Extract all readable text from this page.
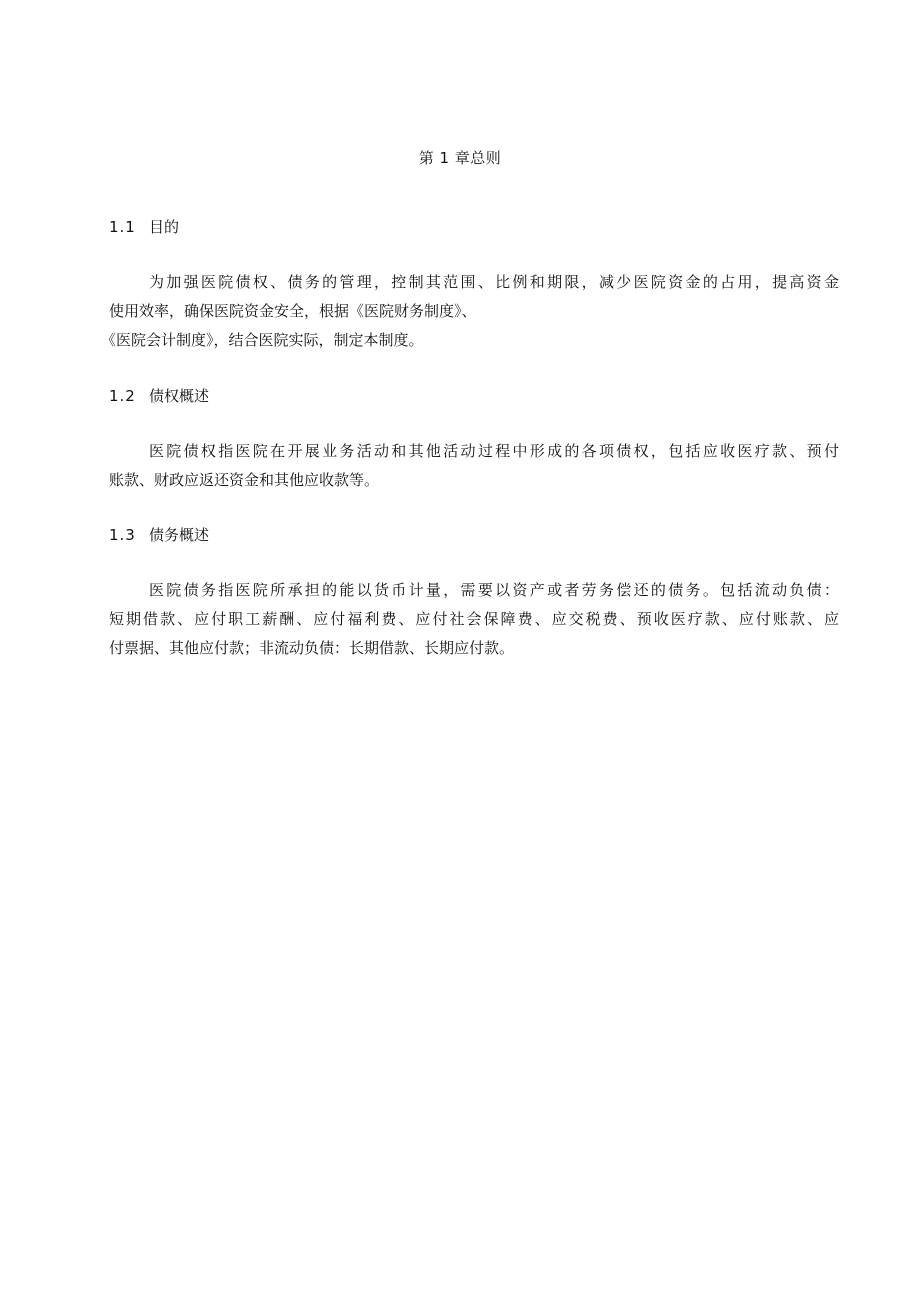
第 1 章总则
1.1 目的
为加强医院债权、债务的管理，控制其范围、比例和期限，减少医院资金的占用，提高资金
使用效率，确保医院资金安全，根据《医院财务制度》、
《医院会计制度》，结合医院实际，制定本制度。
1.2 债权概述
医院债权指医院在开展业务活动和其他活动过程中形成的各项债权，包括应收医疗款、预付
账款、财政应返还资金和其他应收款等。
1.3 债务概述
医院债务指医院所承担的能以货币计量，需要以资产或者劳务偿还的债务。包括流动负债：
短期借款、应付职工薪酬、应付福利费、应付社会保障费、应交税费、预收医疗款、应付账款、应
付票据、其他应付款；非流动负债：长期借款、长期应付款。
